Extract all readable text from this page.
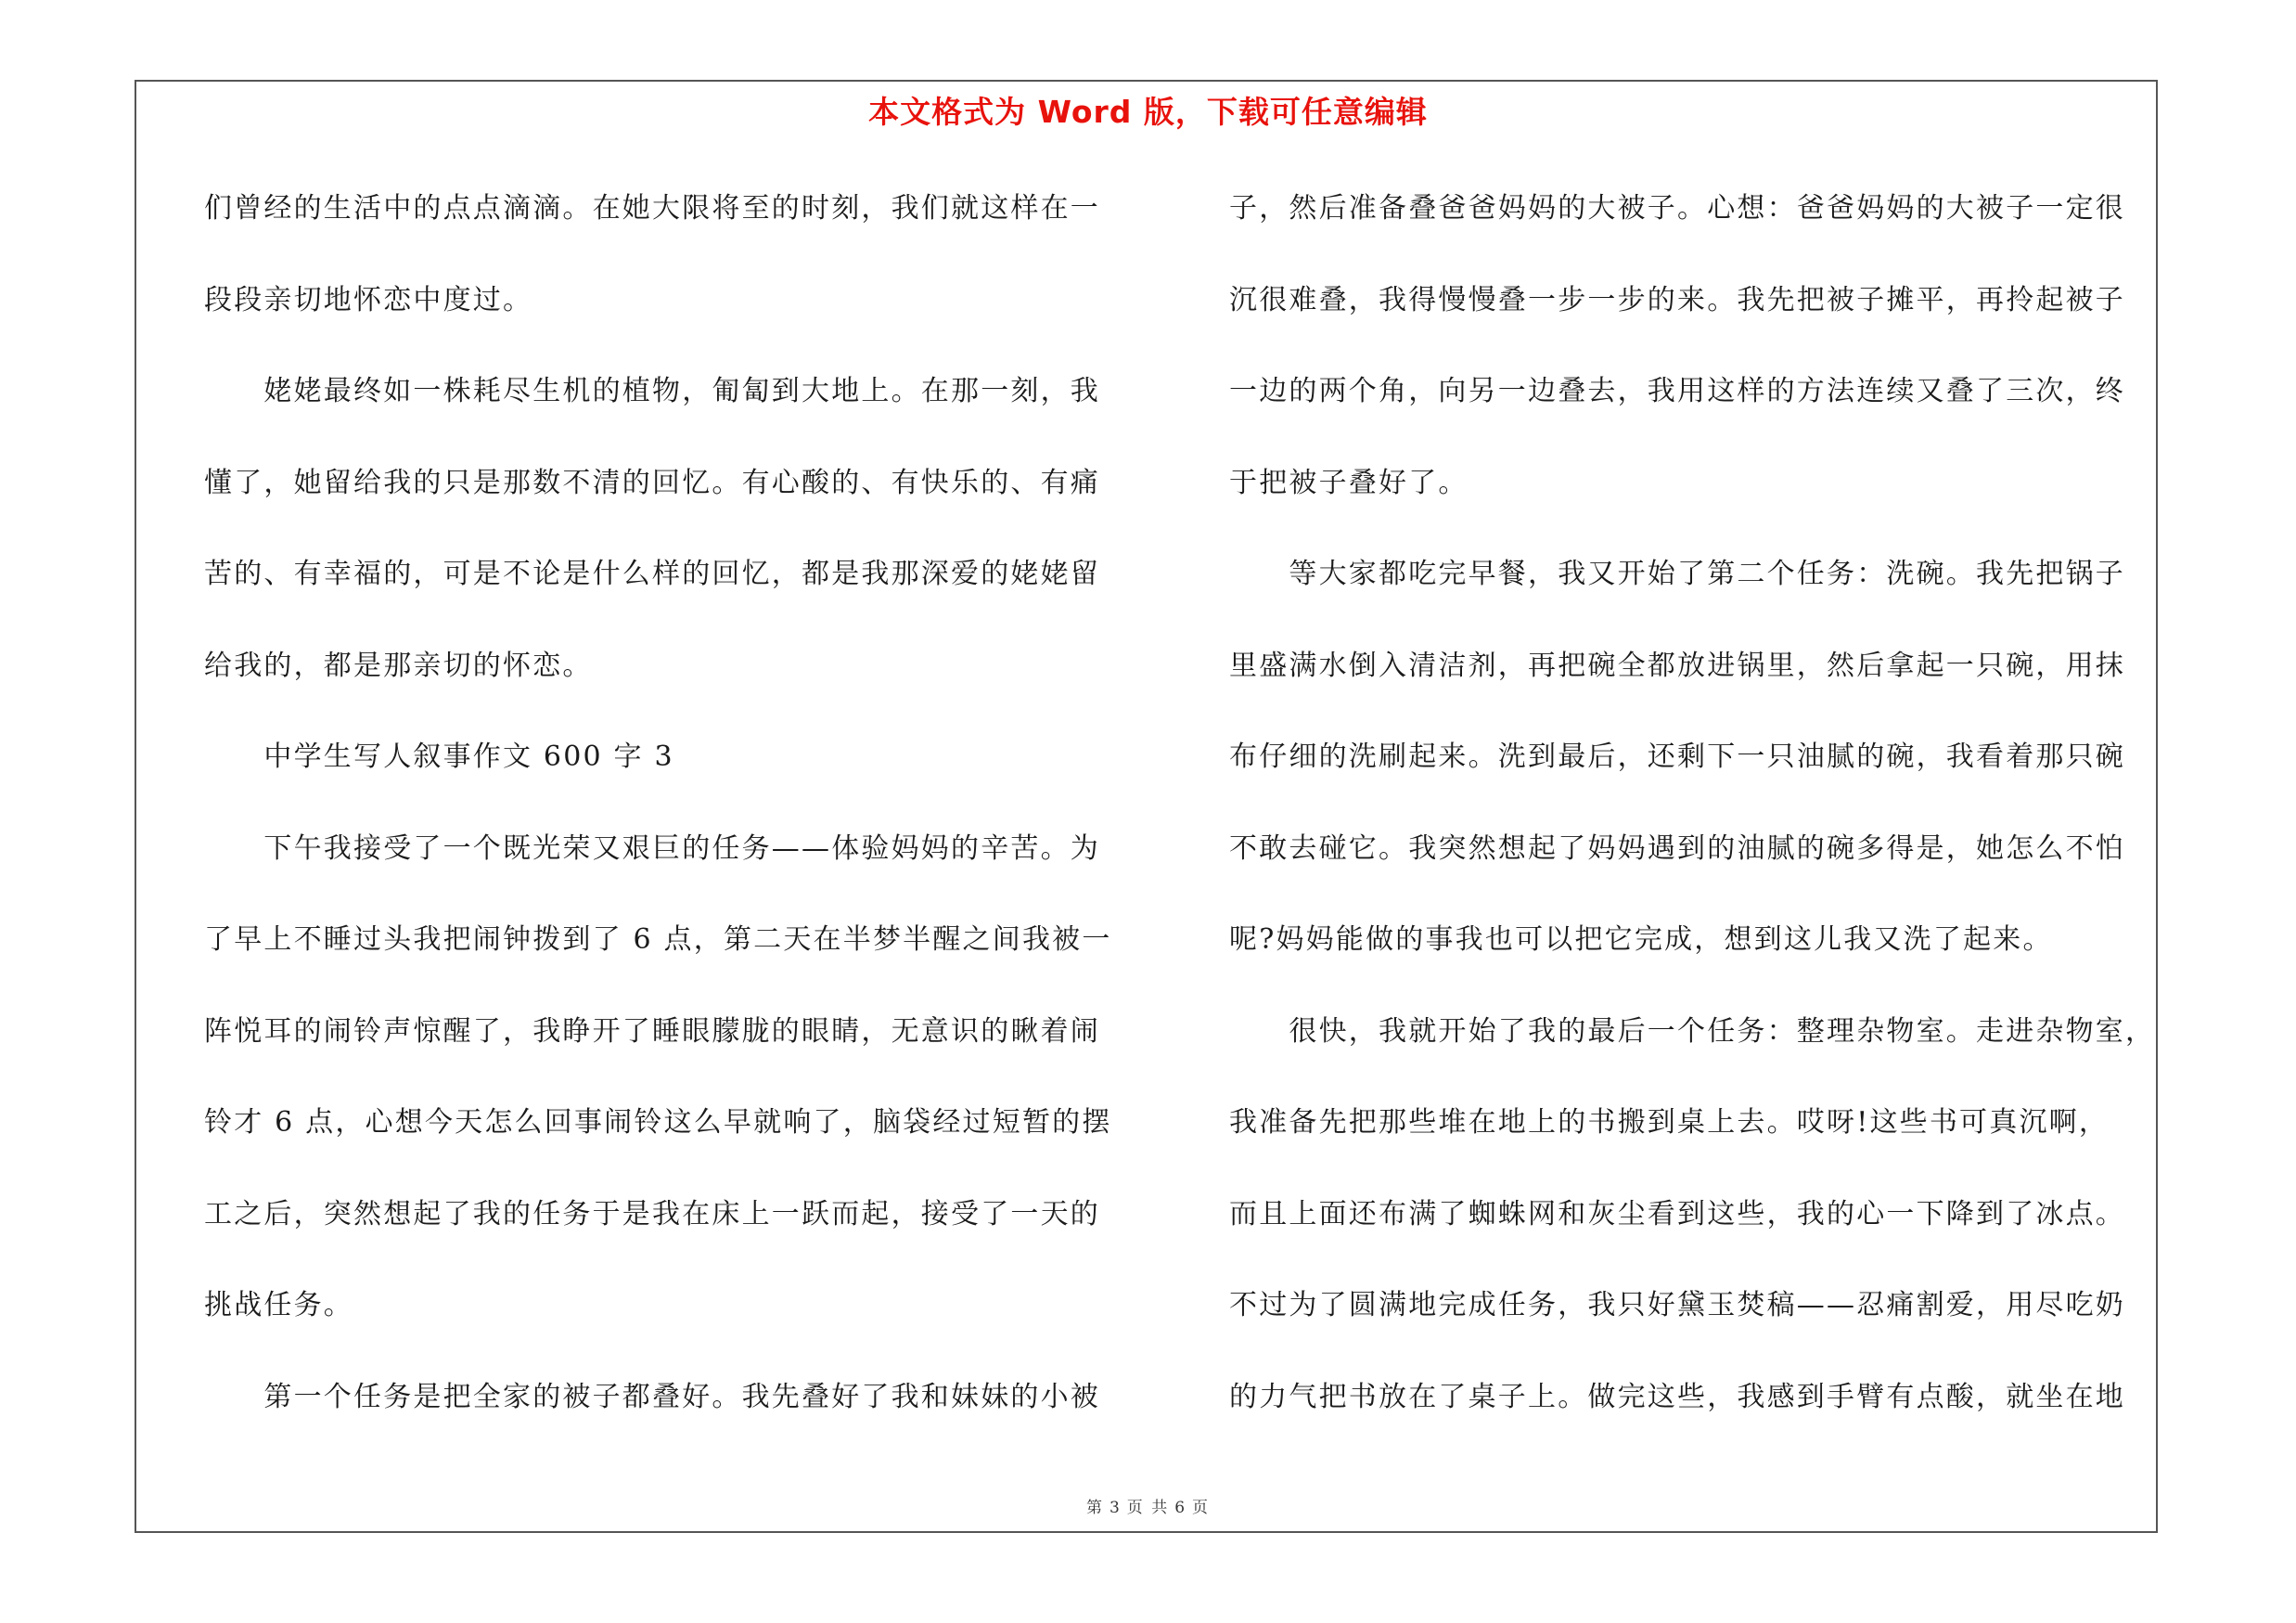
本文格式为 Word 版，下载可任意编辑
们曾经的生活中的点点滴滴。在她大限将至的时刻，我们就这样在一
段段亲切地怀恋中度过。
　　姥姥最终如一株耗尽生机的植物，匍匐到大地上。在那一刻，我
懂了，她留给我的只是那数不清的回忆。有心酸的、有快乐的、有痛
苦的、有幸福的，可是不论是什么样的回忆，都是我那深爱的姥姥留
给我的，都是那亲切的怀恋。
　　中学生写人叙事作文 600 字 3
　　下午我接受了一个既光荣又艰巨的任务——体验妈妈的辛苦。为
了早上不睡过头我把闹钟拨到了 6 点，第二天在半梦半醒之间我被一
阵悦耳的闹铃声惊醒了，我睁开了睡眼朦胧的眼睛，无意识的瞅着闹
铃才 6 点，心想今天怎么回事闹铃这么早就响了，脑袋经过短暂的摆
工之后，突然想起了我的任务于是我在床上一跃而起，接受了一天的
挑战任务。
　　第一个任务是把全家的被子都叠好。我先叠好了我和妹妹的小被
子，然后准备叠爸爸妈妈的大被子。心想：爸爸妈妈的大被子一定很
沉很难叠，我得慢慢叠一步一步的来。我先把被子摊平，再拎起被子
一边的两个角，向另一边叠去，我用这样的方法连续又叠了三次，终
于把被子叠好了。
　　等大家都吃完早餐，我又开始了第二个任务：洗碗。我先把锅子
里盛满水倒入清洁剂，再把碗全都放进锅里，然后拿起一只碗，用抹
布仔细的洗刷起来。洗到最后，还剩下一只油腻的碗，我看着那只碗
不敢去碰它。我突然想起了妈妈遇到的油腻的碗多得是，她怎么不怕
呢?妈妈能做的事我也可以把它完成，想到这儿我又洗了起来。
　　很快，我就开始了我的最后一个任务：整理杂物室。走进杂物室，
我准备先把那些堆在地上的书搬到桌上去。哎呀!这些书可真沉啊，
而且上面还布满了蜘蛛网和灰尘看到这些，我的心一下降到了冰点。
不过为了圆满地完成任务，我只好黛玉焚稿——忍痛割爱，用尽吃奶
的力气把书放在了桌子上。做完这些，我感到手臂有点酸，就坐在地
第 3 页 共 6 页
